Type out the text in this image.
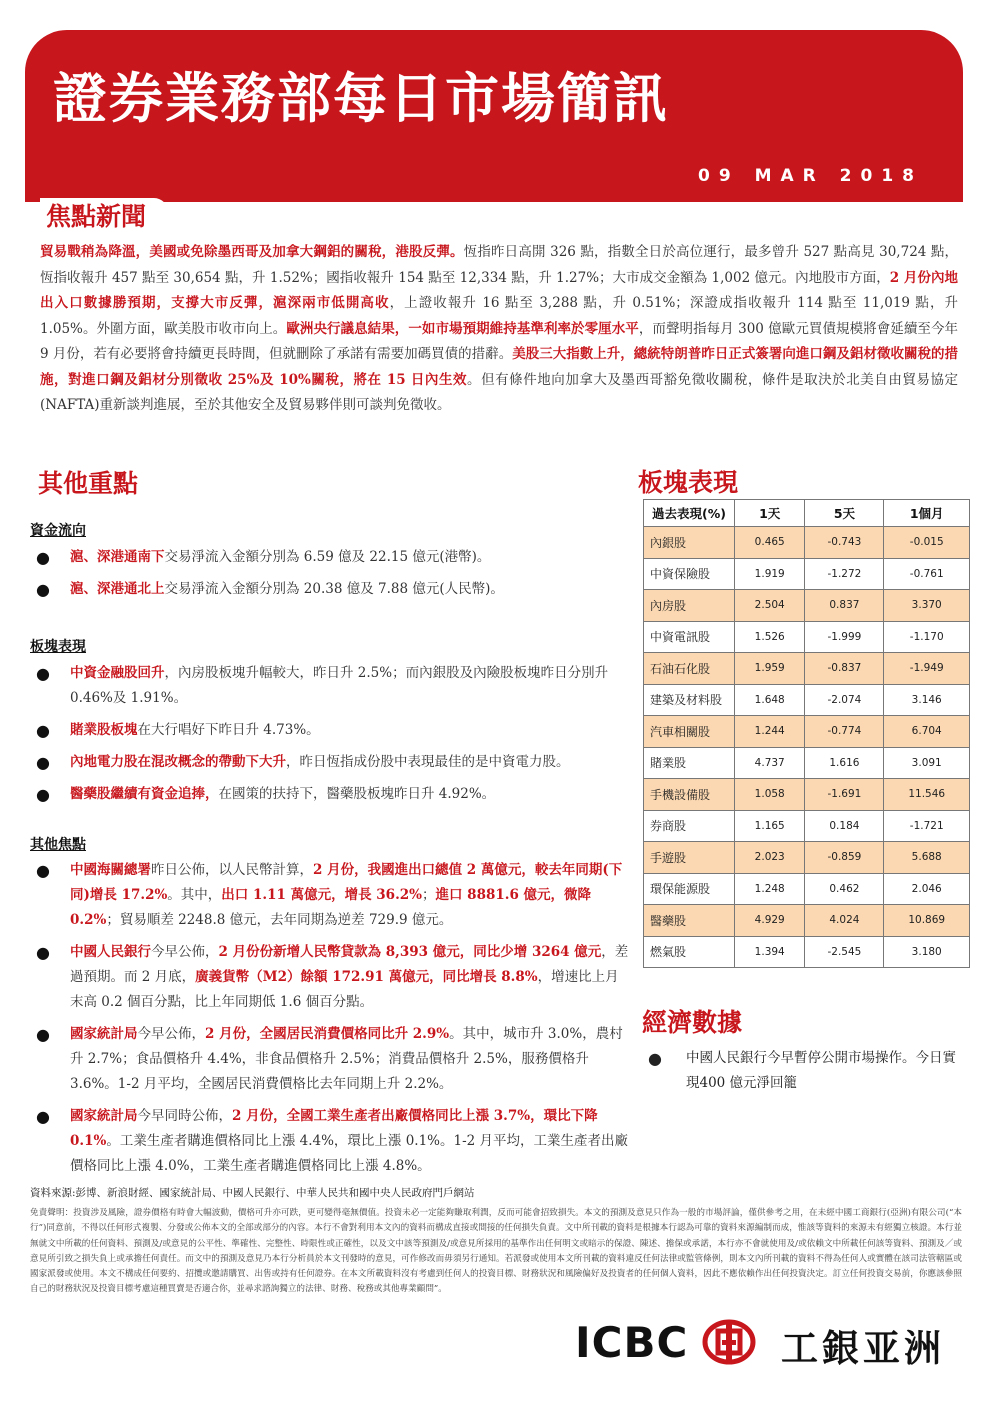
證券業務部每日市場簡訊
09 MAR 2018
焦點新聞
貿易戰稍為降溫，美國或免除墨西哥及加拿大鋼鋁的關稅，港股反彈。恆指昨日高開 326 點，指數全日於高位運行，最多曾升 527 點高見 30,724 點，恆指收報升 457 點至 30,654 點，升 1.52%；國指收報升 154 點至 12,334 點，升 1.27%；大市成交金額為 1,002 億元。內地股市方面，2 月份內地出入口數據勝預期，支撐大市反彈，滬深兩市低開高收，上證收報升 16 點至 3,288 點，升 0.51%；深證成指收報升 114 點至 11,019 點，升 1.05%。外圍方面，歐美股市收市向上。歐洲央行議息結果，一如市場預期維持基準利率於零厘水平，而聲明指每月 300 億歐元買債規模將會延續至今年 9 月份，若有必要將會持續更長時間，但就刪除了承諾有需要加碼買債的措辭。美股三大指數上升，總統特朗普昨日正式簽署向進口鋼及鋁材徵收關稅的措施，對進口鋼及鋁材分別徵收 25%及 10%關稅，將在 15 日內生效。但有條件地向加拿大及墨西哥豁免徵收關稅，條件是取決於北美自由貿易協定(NAFTA)重新談判進展，至於其他安全及貿易夥伴則可談判免徵收。
其他重點
資金流向
● 滬、深港通南下交易淨流入金額分別為 6.59 億及 22.15 億元(港幣)。
● 滬、深港通北上交易淨流入金額分別為 20.38 億及 7.88 億元(人民幣)。
板塊表現
● 中資金融股回升，內房股板塊升幅較大，昨日升 2.5%；而內銀股及內險股板塊昨日分別升 0.46%及 1.91%。
● 賭業股板塊在大行唱好下昨日升 4.73%。
● 內地電力股在混改概念的帶動下大升，昨日恆指成份股中表現最佳的是中資電力股。
● 醫藥股繼續有資金追捧，在國策的扶持下，醫藥股板塊昨日升 4.92%。
其他焦點
● 中國海關總署昨日公佈，以人民幣計算，2 月份，我國進出口總值 2 萬億元，較去年同期(下同)增長 17.2%。其中，出口 1.11 萬億元，增長 36.2%；進口 8881.6 億元，微降 0.2%；貿易順差 2248.8 億元，去年同期為逆差 729.9 億元。
● 中國人民銀行今早公佈，2 月份份新增人民幣貸款為 8,393 億元，同比少增 3264 億元，差過預期。而 2 月底，廣義貨幣（M2）餘額 172.91 萬億元，同比增長 8.8%，增速比上月末高 0.2 個百分點，比上年同期低 1.6 個百分點。
● 國家統計局今早公佈，2 月份，全國居民消費價格同比升 2.9%。其中，城市升 3.0%，農村升 2.7%；食品價格升 4.4%，非食品價格升 2.5%；消費品價格升 2.5%，服務價格升 3.6%。1-2 月平均，全國居民消費價格比去年同期上升 2.2%。
● 國家統計局今早同時公佈，2 月份，全國工業生產者出廠價格同比上漲 3.7%，環比下降 0.1%。工業生產者購進價格同比上漲 4.4%，環比上漲 0.1%。1-2 月平均，工業生產者出廠價格同比上漲 4.0%，工業生產者購進價格同比上漲 4.8%。
板塊表現
過去表現(%)	1天	5天	1個月
內銀股	0.465	-0.743	-0.015
中資保險股	1.919	-1.272	-0.761
內房股	2.504	0.837	3.370
中資電訊股	1.526	-1.999	-1.170
石油石化股	1.959	-0.837	-1.949
建築及材料股	1.648	-2.074	3.146
汽車相關股	1.244	-0.774	6.704
賭業股	4.737	1.616	3.091
手機設備股	1.058	-1.691	11.546
券商股	1.165	0.184	-1.721
手遊股	2.023	-0.859	5.688
環保能源股	1.248	0.462	2.046
醫藥股	4.929	4.024	10.869
燃氣股	1.394	-2.545	3.180
經濟數據
● 中國人民銀行今早暫停公開市場操作。今日實現400 億元淨回籠
資料來源:彭博、新浪財經、國家統計局、中國人民銀行、中華人民共和國中央人民政府門戶網站
免責聲明：投資涉及風險，證券價格有時會大幅波動，價格可升亦可跌，更可變得毫無價值。投資未必一定能夠賺取利潤，反而可能會招致損失。本文的預測及意見只作為一般的市場評論，僅供參考之用，在未經中國工商銀行(亞洲)有限公司(“本行”)同意前，不得以任何形式複製、分發或公佈本文的全部或部分的內容。本行不會對利用本文內的資料而構成直接或間接的任何損失負責。文中所刊載的資料是根據本行認為可靠的資料來源編制而成，惟該等資料的來源未有經獨立核證。本行並無就文中所載的任何資料、預測及/或意見的公平性、準確性、完整性、時限性或正確性，以及文中該等預測及/或意見所採用的基準作出任何明文或暗示的保證、陳述、擔保或承諾，本行亦不會就使用及/或依賴文中所載任何該等資料、預測及／或意見所引致之損失負上或承擔任何責任。而文中的預測及意見乃本行分析員於本文刊發時的意見，可作修改而毋須另行通知。若派發或使用本文所刊載的資料違反任何法律或監管條例，則本文內所刊載的資料不得為任何人或實體在該司法管轄區或國家派發或使用。本文不構成任何要約、招攬或邀請購買、出售或持有任何證券。在本文所載資料沒有考慮到任何人的投資目標、財務狀況和風險偏好及投資者的任何個人資料，因此不應依賴作出任何投資決定。訂立任何投資交易前，你應該參照自己的財務狀況及投資目標考慮這種買賣是否適合你，並尋求諮詢獨立的法律、財務、稅務或其他專業顧問”。
ICBC	工銀亚洲
